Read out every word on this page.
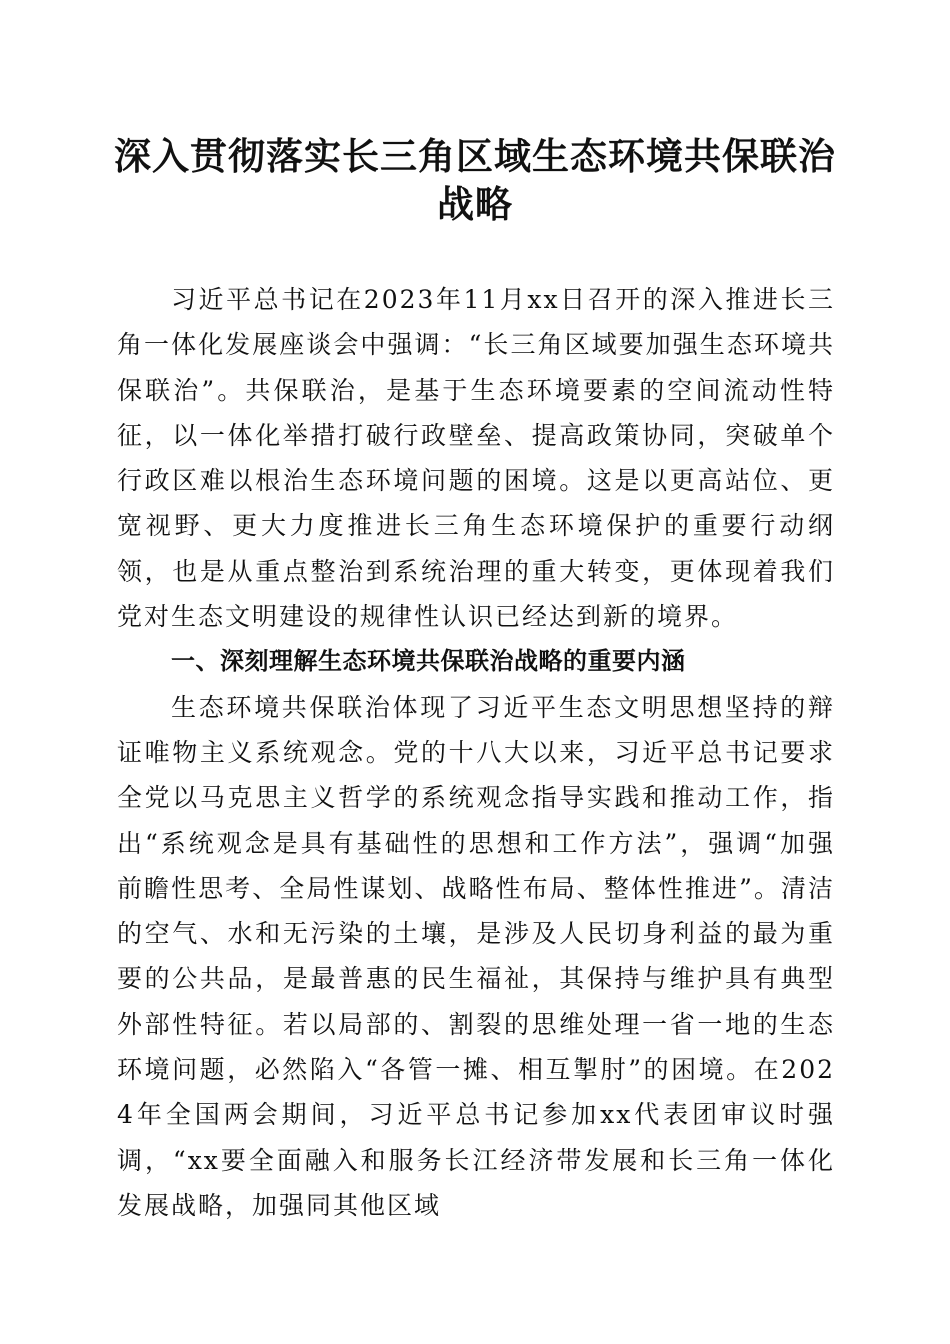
深入贯彻落实长三角区域生态环境共保联治战略

习近平总书记在2023年11月xx日召开的深入推进长三角一体化发展座谈会中强调：“长三角区域要加强生态环境共保联治”。共保联治，是基于生态环境要素的空间流动性特征，以一体化举措打破行政壁垒、提高政策协同，突破单个行政区难以根治生态环境问题的困境。这是以更高站位、更宽视野、更大力度推进长三角生态环境保护的重要行动纲领，也是从重点整治到系统治理的重大转变，更体现着我们党对生态文明建设的规律性认识已经达到新的境界。

一、深刻理解生态环境共保联治战略的重要内涵

生态环境共保联治体现了习近平生态文明思想坚持的辩证唯物主义系统观念。党的十八大以来，习近平总书记要求全党以马克思主义哲学的系统观念指导实践和推动工作，指出“系统观念是具有基础性的思想和工作方法”，强调“加强前瞻性思考、全局性谋划、战略性布局、整体性推进”。清洁的空气、水和无污染的土壤，是涉及人民切身利益的最为重要的公共品，是最普惠的民生福祉，其保持与维护具有典型外部性特征。若以局部的、割裂的思维处理一省一地的生态环境问题，必然陷入“各管一摊、相互掣肘”的困境。在2024年全国两会期间，习近平总书记参加xx代表团审议时强调，“xx要全面融入和服务长江经济带发展和长三角一体化发展战略，加强同其他区域
